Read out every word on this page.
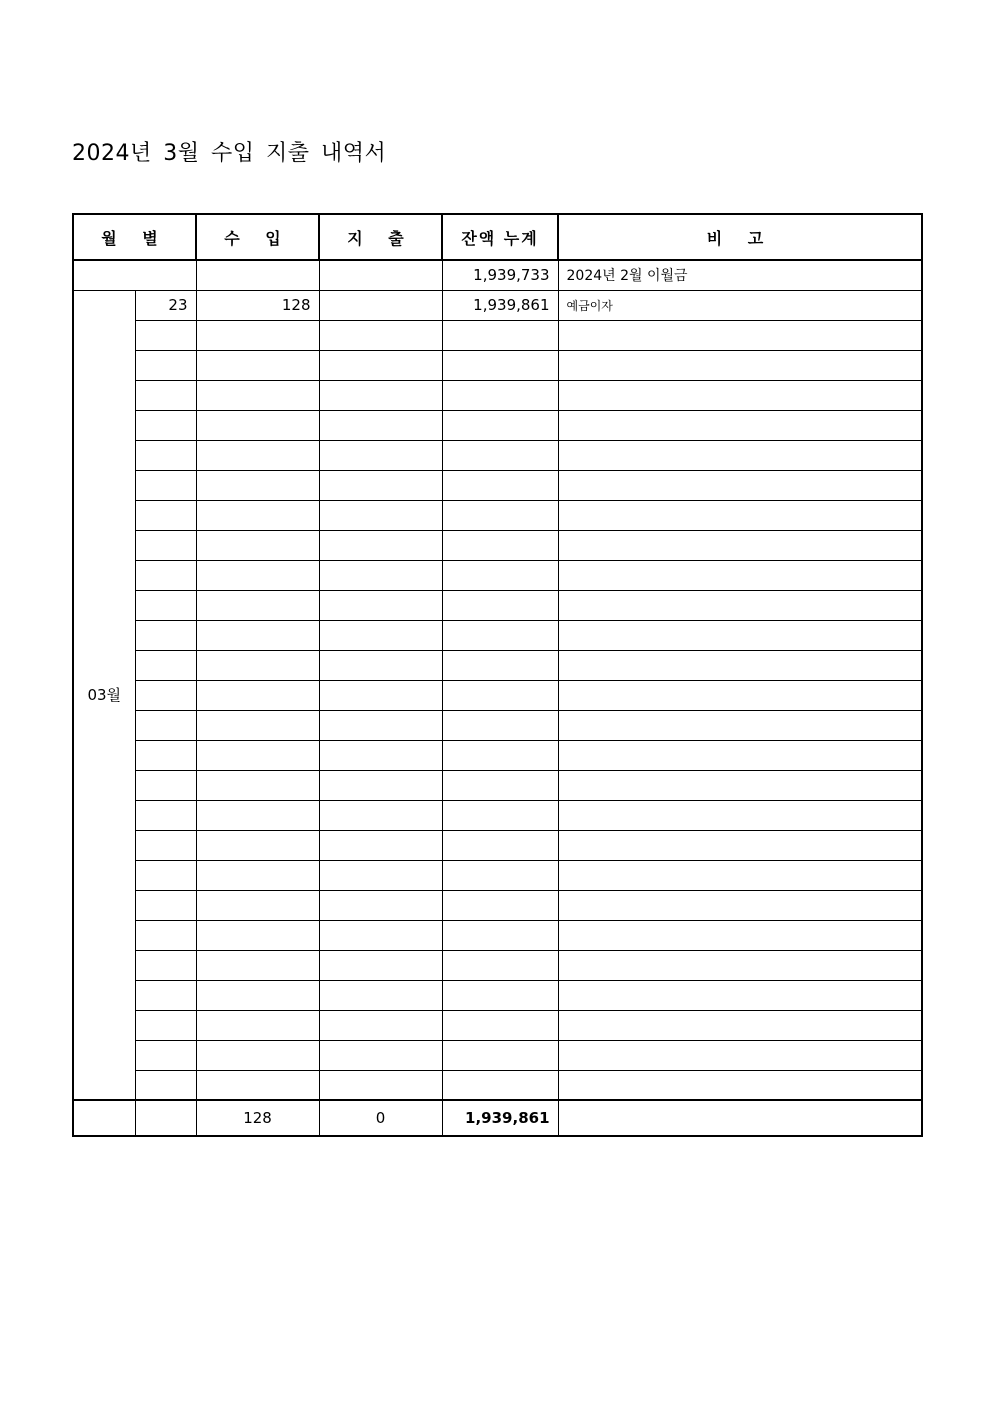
2024년 3월 수입 지출 내역서
월 별		수 입	지 출	잔액 누계	비 고
				1,939,733	2024년 2월 이월금
03월	23	128		1,939,861	예금이자

		128	0	1,939,861	
